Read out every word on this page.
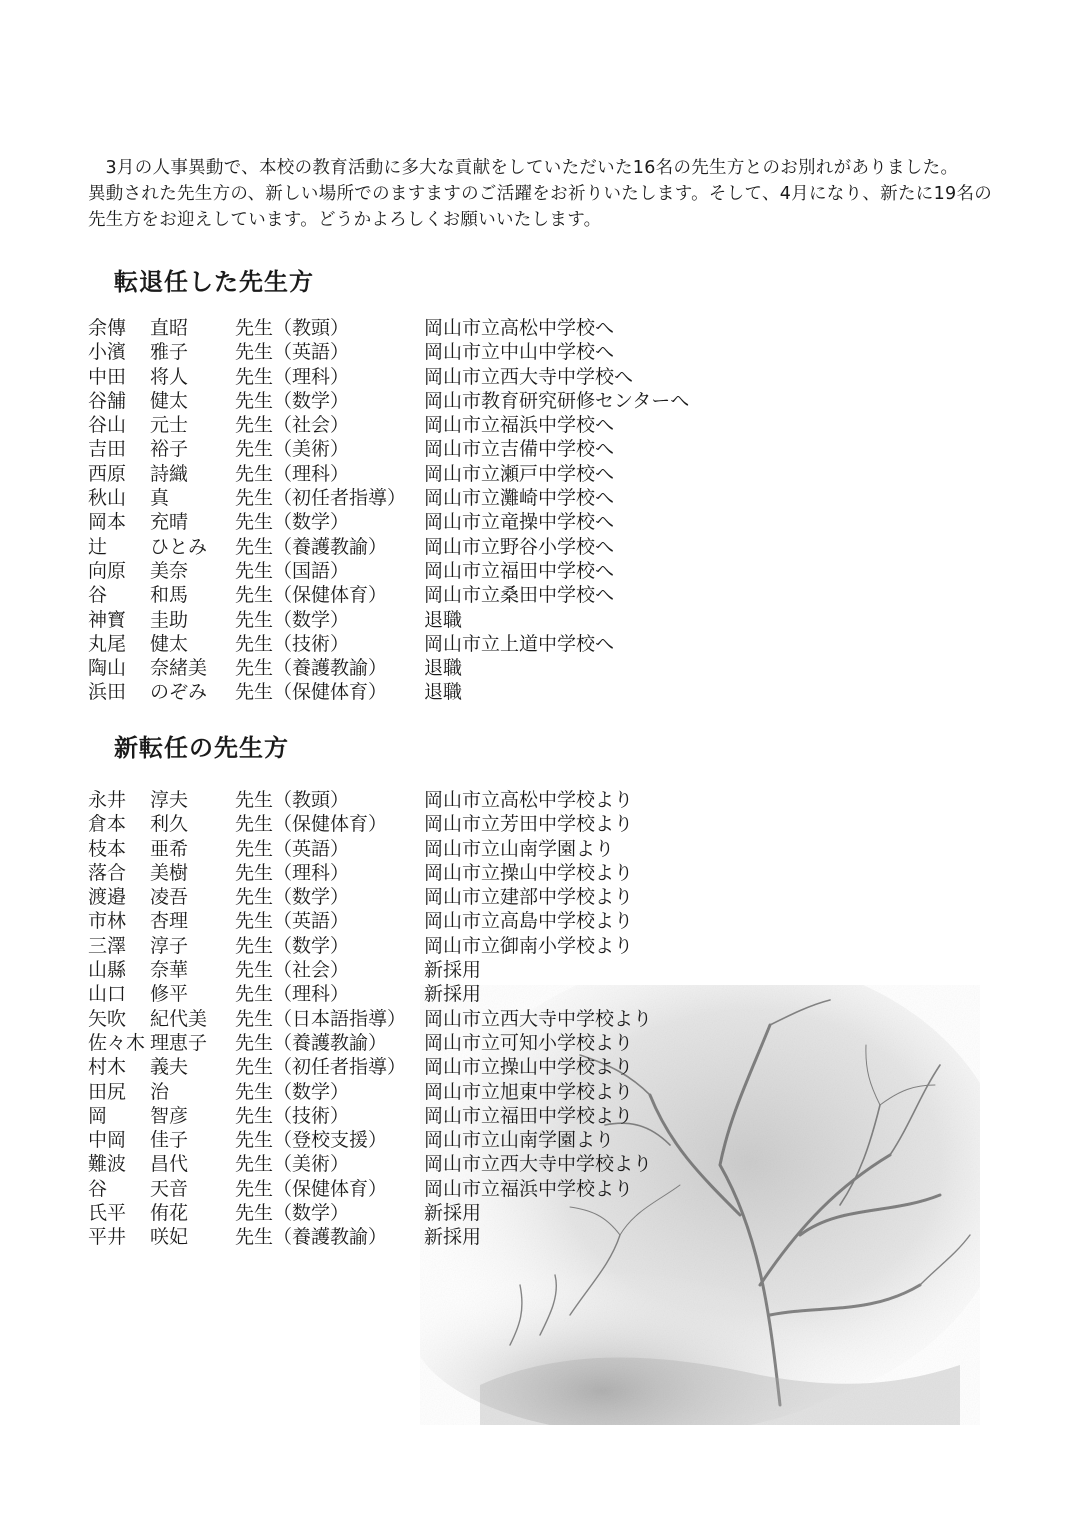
3月の人事異動で、本校の教育活動に多大な貢献をしていただいた16名の先生方とのお別れがありました。

異動された先生方の、新しい場所でのますますのご活躍をお祈りいたします。そして、4月になり、新たに19名の

先生方をお迎えしています。どうかよろしくお願いいたします。

転退任した先生方
余傳 直昭 先生（教頭）	岡山市立高松中学校へ
小濱 雅子 先生（英語）	岡山市立中山中学校へ
中田 将人 先生（理科）	岡山市立西大寺中学校へ
谷舗 健太 先生（数学）	岡山市教育研究研修センターへ
谷山 元士 先生（社会）	岡山市立福浜中学校へ
吉田 裕子 先生（美術）	岡山市立吉備中学校へ
西原 詩織 先生（理科）	岡山市立瀬戸中学校へ
秋山 真	先生（初任者指導） 岡山市立灘崎中学校へ
岡本 充晴 先生（数学）	岡山市立竜操中学校へ
辻 ひとみ 先生（養護教諭） 岡山市立野谷小学校へ
向原 美奈 先生（国語）	岡山市立福田中学校へ
谷 和馬 先生（保健体育） 岡山市立桑田中学校へ
神寳 圭助 先生（数学）	退職
丸尾 健太 先生（技術）	岡山市立上道中学校へ
陶山 奈緒美 先生（養護教諭） 退職
浜田 のぞみ 先生（保健体育） 退職
新転任の先生方
永井 淳夫 先生（教頭）	岡山市立高松中学校より
倉本 利久 先生（保健体育） 岡山市立芳田中学校より
枝本 亜希 先生（英語）	岡山市立山南学園より
落合 美樹 先生（理科）	岡山市立操山中学校より
渡邉 凌吾 先生（数学）	岡山市立建部中学校より
市林 杏理 先生（英語）	岡山市立高島中学校より
三澤 淳子 先生（数学）	岡山市立御南小学校より
山縣 奈華 先生（社会）	新採用
山口 修平 先生（理科）	新採用
矢吹 紀代美 先生（日本語指導） 岡山市立西大寺中学校より
佐々木 理恵子 先生（養護教諭） 岡山市立可知小学校より
村木 義夫 先生（初任者指導） 岡山市立操山中学校より
田尻 治	先生（数学）	岡山市立旭東中学校より
岡 智彦 先生（技術）	岡山市立福田中学校より
中岡 佳子 先生（登校支援） 岡山市立山南学園より
難波 昌代 先生（美術）	岡山市立西大寺中学校より
谷 天音 先生（保健体育） 岡山市立福浜中学校より
氏平 侑花 先生（数学）	新採用
平井 咲妃 先生（養護教諭） 新採用
